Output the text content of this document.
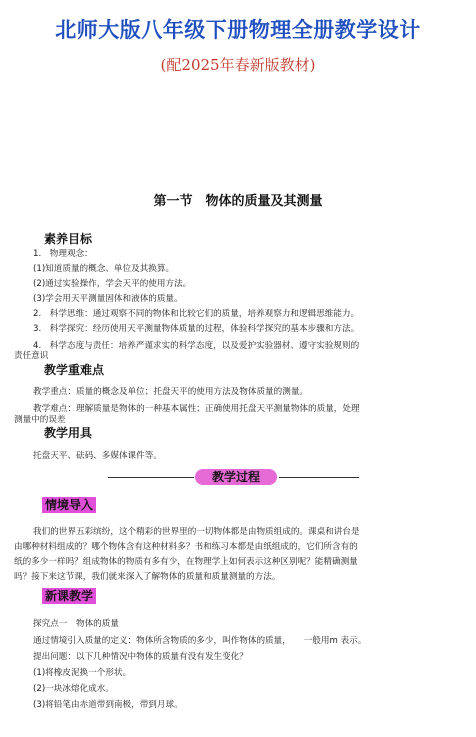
北师大版八年级下册物理全册教学设计
(配2025年春新版教材)
第一节　物体的质量及其测量
素养目标
1.　物理观念：
(1)知道质量的概念、单位及其换算。
(2)通过实验操作，学会天平的使用方法。
(3)学会用天平测量固体和液体的质量。
2.　科学思维：通过观察不同的物体和比较它们的质量，培养观察力和逻辑思维能力。
3.　科学探究：经历使用天平测量物体质量的过程，体验科学探究的基本步骤和方法。
4.　科学态度与责任：培养严谨求实的科学态度，以及爱护实验器材、遵守实验规则的
责任意识
教学重难点
教学重点：质量的概念及单位；托盘天平的使用方法及物体质量的测量。
教学难点：理解质量是物体的一种基本属性；正确使用托盘天平测量物体的质量，处理
测量中的误差
教学用具
托盘天平、砝码、多媒体课件等。
教学过程
情境导入
我们的世界五彩缤纷，这个精彩的世界里的一切物体都是由物质组成的。课桌和讲台是
由哪种材料组成的？哪个物体含有这种材料多？书和练习本都是由纸组成的，它们所含有的
纸的多少一样吗？组成物体的物质有多有少，在物理学上如何表示这种区别呢？能精确测量
吗？接下来这节课，我们就来深入了解物体的质量和质量测量的方法。
新课教学
探究点一　物体的质量
通过情境引入质量的定义：物体所含物质的多少，叫作物体的质量，　　一般用m 表示。
提出问题：以下几种情况中物体的质量有没有发生变化？
(1)将橡皮泥换一个形状。
(2)一块冰熔化成水。
(3)将铅笔由赤道带到南极，带到月球。
